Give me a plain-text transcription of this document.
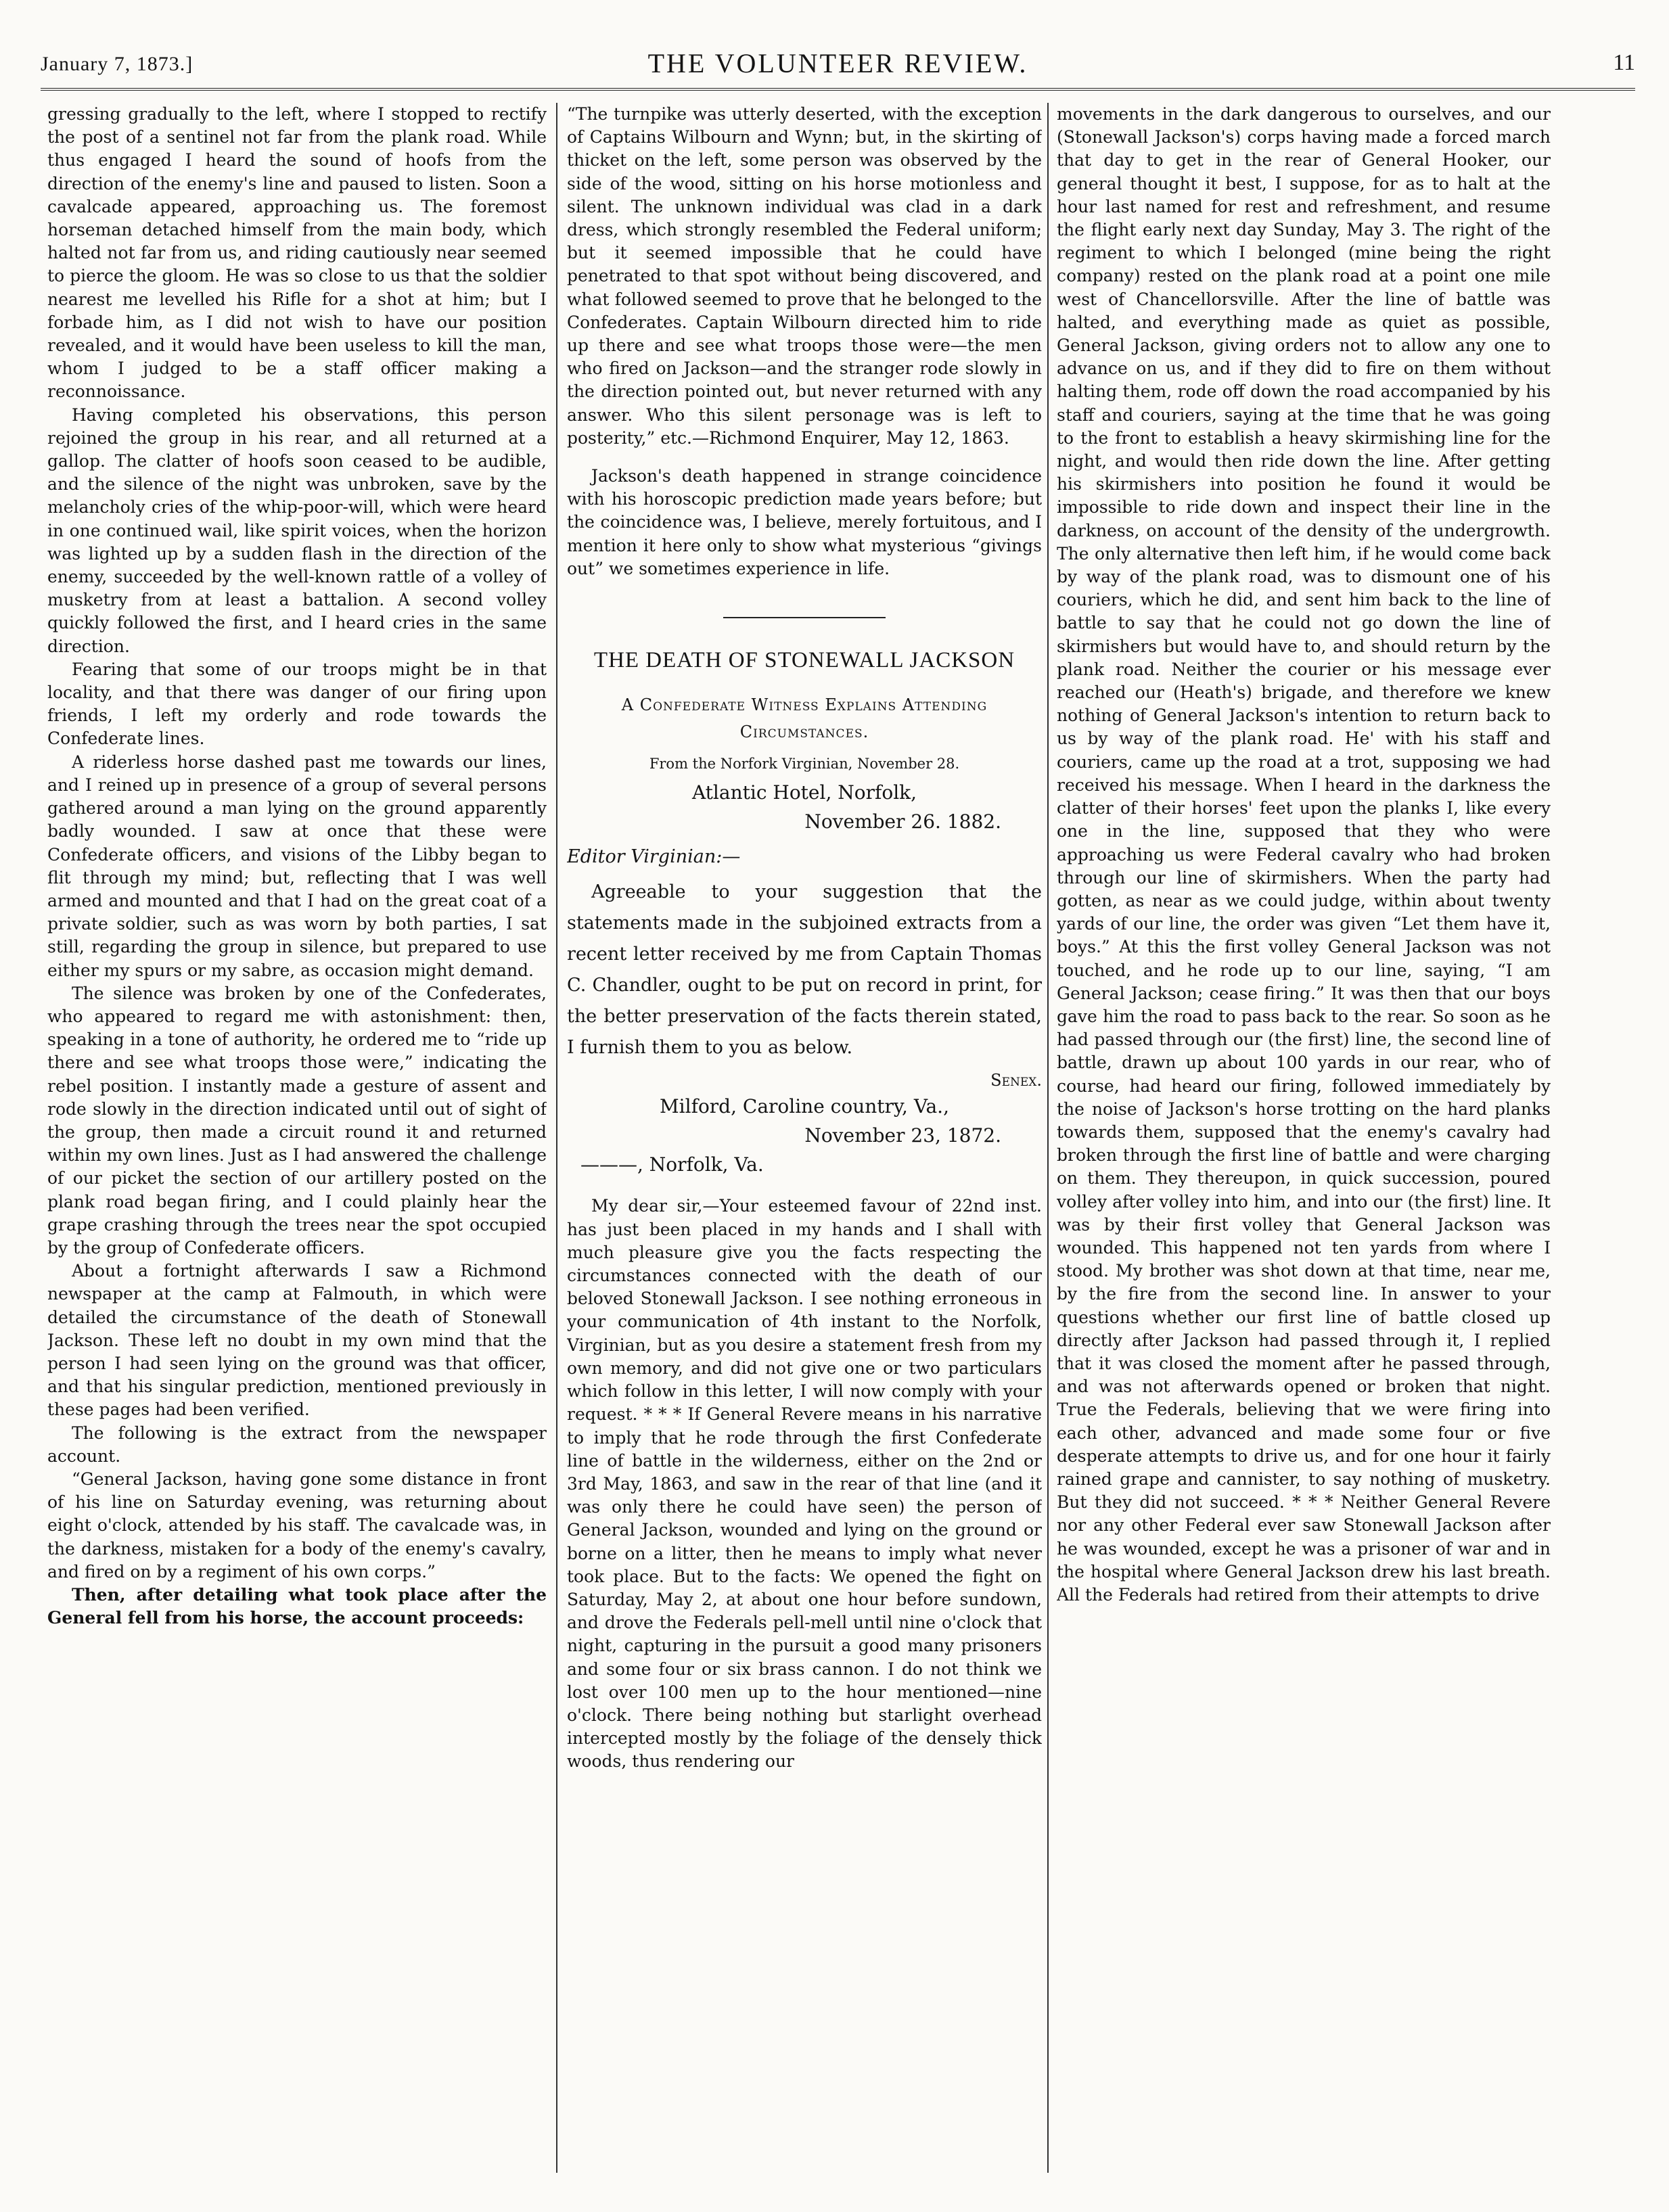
January 7, 1873.]	THE VOLUNTEER REVIEW.	11

gressing gradually to the left, where I stopped to rectify the post of a sentinel not far from the plank road. While thus engaged I heard the sound of hoofs from the direction of the enemy's line and paused to listen. Soon a cavalcade appeared, approaching us. The foremost horseman detached himself from the main body, which halted not far from us, and riding cautiously near seemed to pierce the gloom. He was so close to us that the soldier nearest me levelled his Rifle for a shot at him; but I forbade him, as I did not wish to have our position revealed, and it would have been useless to kill the man, whom I judged to be a staff officer making a reconnoissance.

Having completed his observations, this person rejoined the group in his rear, and all returned at a gallop. The clatter of hoofs soon ceased to be audible, and the silence of the night was unbroken, save by the melancholy cries of the whip-poor-will, which were heard in one continued wail, like spirit voices, when the horizon was lighted up by a sudden flash in the direction of the enemy, succeeded by the well-known rattle of a volley of musketry from at least a battalion. A second volley quickly followed the first, and I heard cries in the same direction.

Fearing that some of our troops might be in that locality, and that there was danger of our firing upon friends, I left my orderly and rode towards the Confederate lines.

A riderless horse dashed past me towards our lines, and I reined up in presence of a group of several persons gathered around a man lying on the ground apparently badly wounded. I saw at once that these were Confederate officers, and visions of the Libby began to flit through my mind; but, reflecting that I was well armed and mounted and that I had on the great coat of a private soldier, such as was worn by both parties, I sat still, regarding the group in silence, but prepared to use either my spurs or my sabre, as occasion might demand.

The silence was broken by one of the Confederates, who appeared to regard me with astonishment: then, speaking in a tone of authority, he ordered me to “ride up there and see what troops those were,” indicating the rebel position. I instantly made a gesture of assent and rode slowly in the direction indicated until out of sight of the group, then made a circuit round it and returned within my own lines. Just as I had answered the challenge of our picket the section of our artillery posted on the plank road began firing, and I could plainly hear the grape crashing through the trees near the spot occupied by the group of Confederate officers.

About a fortnight afterwards I saw a Richmond newspaper at the camp at Falmouth, in which were detailed the circumstance of the death of Stonewall Jackson. These left no doubt in my own mind that the person I had seen lying on the ground was that officer, and that his singular prediction, mentioned previously in these pages had been verified.

The following is the extract from the newspaper account.

“General Jackson, having gone some distance in front of his line on Saturday evening, was returning about eight o'clock, attended by his staff. The cavalcade was, in the darkness, mistaken for a body of the enemy's cavalry, and fired on by a regiment of his own corps.”

Then, after detailing what took place after the General fell from his horse, the account proceeds:

“The turnpike was utterly deserted, with the exception of Captains Wilbourn and Wynn; but, in the skirting of thicket on the left, some person was observed by the side of the wood, sitting on his horse motionless and silent. The unknown individual was clad in a dark dress, which strongly resembled the Federal uniform; but it seemed impossible that he could have penetrated to that spot without being discovered, and what followed seemed to prove that he belonged to the Confederates. Captain Wilbourn directed him to ride up there and see what troops those were—the men who fired on Jackson—and the stranger rode slowly in the direction pointed out, but never returned with any answer. Who this silent personage was is left to posterity,” etc.—Richmond Enquirer, May 12, 1863.

Jackson's death happened in strange coincidence with his horoscopic prediction made years before; but the coincidence was, I believe, merely fortuitous, and I mention it here only to show what mysterious “givings out” we sometimes experience in life.

THE DEATH OF STONEWALL JACKSON
A Confederate Witness Explains Attending Circumstances.
From the Norfork Virginian, November 28.
Atlantic Hotel, Norfolk,
November 26. 1882.
Editor Virginian:—

Agreeable to your suggestion that the statements made in the subjoined extracts from a recent letter received by me from Captain Thomas C. Chandler, ought to be put on record in print, for the better preservation of the facts therein stated, I furnish them to you as below.

Senex.
Milford, Caroline country, Va.,
November 23, 1872.
———, Norfolk, Va.

My dear sir,—Your esteemed favour of 22nd inst. has just been placed in my hands and I shall with much pleasure give you the facts respecting the circumstances connected with the death of our beloved Stonewall Jackson. I see nothing erroneous in your communication of 4th instant to the Norfolk, Virginian, but as you desire a statement fresh from my own memory, and did not give one or two particulars which follow in this letter, I will now comply with your request. * * * If General Revere means in his narrative to imply that he rode through the first Confederate line of battle in the wilderness, either on the 2nd or 3rd May, 1863, and saw in the rear of that line (and it was only there he could have seen) the person of General Jackson, wounded and lying on the ground or borne on a litter, then he means to imply what never took place. But to the facts: We opened the fight on Saturday, May 2, at about one hour before sundown, and drove the Federals pell-mell until nine o'clock that night, capturing in the pursuit a good many prisoners and some four or six brass cannon. I do not think we lost over 100 men up to the hour mentioned—nine o'clock. There being nothing but starlight overhead intercepted mostly by the foliage of the densely thick woods, thus rendering our

movements in the dark dangerous to ourselves, and our (Stonewall Jackson's) corps having made a forced march that day to get in the rear of General Hooker, our general thought it best, I suppose, for as to halt at the hour last named for rest and refreshment, and resume the flight early next day Sunday, May 3. The right of the regiment to which I belonged (mine being the right company) rested on the plank road at a point one mile west of Chancellorsville. After the line of battle was halted, and everything made as quiet as possible, General Jackson, giving orders not to allow any one to advance on us, and if they did to fire on them without halting them, rode off down the road accompanied by his staff and couriers, saying at the time that he was going to the front to establish a heavy skirmishing line for the night, and would then ride down the line. After getting his skirmishers into position he found it would be impossible to ride down and inspect their line in the darkness, on account of the density of the undergrowth. The only alternative then left him, if he would come back by way of the plank road, was to dismount one of his couriers, which he did, and sent him back to the line of battle to say that he could not go down the line of skirmishers but would have to, and should return by the plank road. Neither the courier or his message ever reached our (Heath's) brigade, and therefore we knew nothing of General Jackson's intention to return back to us by way of the plank road. He' with his staff and couriers, came up the road at a trot, supposing we had received his message. When I heard in the darkness the clatter of their horses' feet upon the planks I, like every one in the line, supposed that they who were approaching us were Federal cavalry who had broken through our line of skirmishers. When the party had gotten, as near as we could judge, within about twenty yards of our line, the order was given “Let them have it, boys.” At this the first volley General Jackson was not touched, and he rode up to our line, saying, “I am General Jackson; cease firing.” It was then that our boys gave him the road to pass back to the rear. So soon as he had passed through our (the first) line, the second line of battle, drawn up about 100 yards in our rear, who of course, had heard our firing, followed immediately by the noise of Jackson's horse trotting on the hard planks towards them, supposed that the enemy's cavalry had broken through the first line of battle and were charging on them. They thereupon, in quick succession, poured volley after volley into him, and into our (the first) line. It was by their first volley that General Jackson was wounded. This happened not ten yards from where I stood. My brother was shot down at that time, near me, by the fire from the second line. In answer to your questions whether our first line of battle closed up directly after Jackson had passed through it, I replied that it was closed the moment after he passed through, and was not afterwards opened or broken that night. True the Federals, believing that we were firing into each other, advanced and made some four or five desperate attempts to drive us, and for one hour it fairly rained grape and cannister, to say nothing of musketry. But they did not succeed. * * * Neither General Revere nor any other Federal ever saw Stonewall Jackson after he was wounded, except he was a prisoner of war and in the hospital where General Jackson drew his last breath. All the Federals had retired from their attempts to drive
